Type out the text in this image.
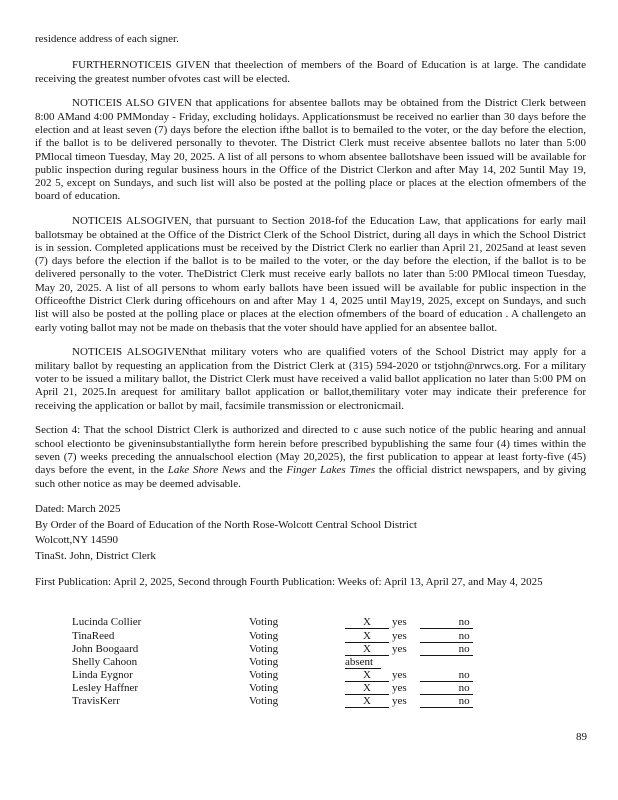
residence address of each signer.

FURTHERNOTICEIS GIVEN that theelection of members of the Board of Education is at large. The candidate receiving the greatest number ofvotes cast will be elected.

NOTICEIS ALSO GIVEN that applications for absentee ballots may be obtained from the District Clerk between 8:00 AMand 4:00 PMMonday - Friday, excluding holidays. Applicationsmust be received no earlier than 30 days before the election and at least seven (7) days before the election ifthe ballot is to bemailed to the voter, or the day before the election, if the ballot is to be delivered personally to thevoter. The District Clerk must receive absentee ballots no later than 5:00 PMlocal timeon Tuesday, May 20, 2025. A list of all persons to whom absentee ballotshave been issued will be available for public inspection during regular business hours in the Office of the District Clerkon and after May 14, 202 5until May 19, 202 5, except on Sundays, and such list will also be posted at the polling place or places at the election ofmembers of the board of education.

NOTICEIS ALSOGIVEN, that pursuant to Section 2018-fof the Education Law, that applications for early mail ballotsmay be obtained at the Office of the District Clerk of the School District, during all days in which the School District is in session. Completed applications must be received by the District Clerk no earlier than April 21, 2025and at least seven (7) days before the election if the ballot is to be mailed to the voter, or the day before the election, if the ballot is to be delivered personally to the voter. TheDistrict Clerk must receive early ballots no later than 5:00 PMlocal timeon Tuesday, May 20, 2025. A list of all persons to whom early ballots have been issued will be available for public inspection in the Officeofthe District Clerk during officehours on and after May 1 4, 2025 until May19, 2025, except on Sundays, and such list will also be posted at the polling place or places at the election ofmembers of the board of education . A challengeto an early voting ballot may not be made on thebasis that the voter should have applied for an absentee ballot.

NOTICEIS ALSOGIVENthat military voters who are qualified voters of the School District may apply for a military ballot by requesting an application from the District Clerk at (315) 594-2020 or tstjohn@nrwcs.org. For a military voter to be issued a military ballot, the District Clerk must have received a valid ballot application no later than 5:00 PM on April 21, 2025.In arequest for amilitary ballot application or ballot,themilitary voter may indicate their preference for receiving the application or ballot by mail, facsimile transmission or electronicmail.

Section 4: That the school District Clerk is authorized and directed to c ause such notice of the public hearing and annual school electionto be giveninsubstantiallythe form herein before prescribed bypublishing the same four (4) times within the seven (7) weeks preceding the annualschool election (May 20,2025), the first publication to appear at least forty-five (45) days before the event, in the Lake Shore News and the Finger Lakes Times the official district newspapers, and by giving such other notice as may be deemed advisable.

Dated: March 2025

By Order of the Board of Education of the North Rose-Wolcott Central School District

Wolcott,NY 14590

TinaSt. John, District Clerk

First Publication: April 2, 2025, Second through Fourth Publication: Weeks of: April 13, April 27, and May 4, 2025

Lucinda Collier	Voting	X yes	no
TinaReed	Voting	X yes	no
John Boogaard	Voting	X yes	no
Shelly Cahoon	Voting	absent
Linda Eygnor	Voting	X yes	no
Lesley Haffner	Voting	X yes	no
TravisKerr	Voting	X yes	no
89
